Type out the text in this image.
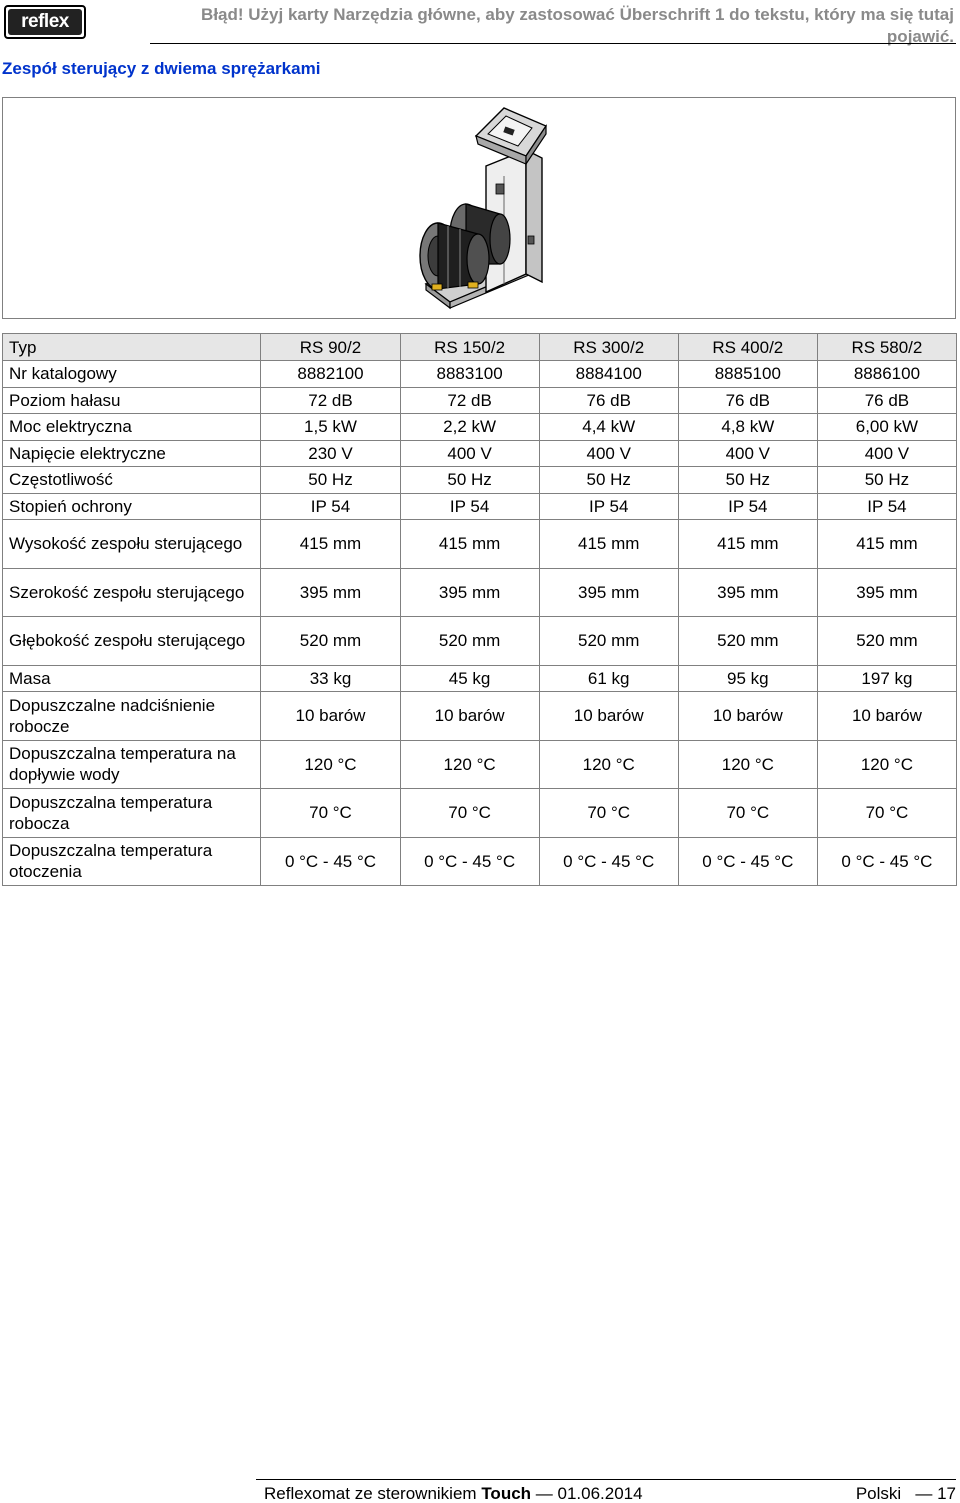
reflex	Błąd! Użyj karty Narzędzia główne, aby zastosować Überschrift 1 do tekstu, który ma się tutaj pojawić.
Zespół sterujący z dwiema sprężarkami
Typ	RS 90/2	RS 150/2	RS 300/2	RS 400/2	RS 580/2
Nr katalogowy	8882100	8883100	8884100	8885100	8886100
Poziom hałasu	72 dB	72 dB	76 dB	76 dB	76 dB
Moc elektryczna	1,5 kW	2,2 kW	4,4 kW	4,8 kW	6,00 kW
Napięcie elektryczne	230 V	400 V	400 V	400 V	400 V
Częstotliwość	50 Hz	50 Hz	50 Hz	50 Hz	50 Hz
Stopień ochrony	IP 54	IP 54	IP 54	IP 54	IP 54
Wysokość zespołu sterującego	415 mm	415 mm	415 mm	415 mm	415 mm
Szerokość zespołu sterującego	395 mm	395 mm	395 mm	395 mm	395 mm
Głębokość zespołu sterującego	520 mm	520 mm	520 mm	520 mm	520 mm
Masa	33 kg	45 kg	61 kg	95 kg	197 kg
Dopuszczalne nadciśnienie robocze	10 barów	10 barów	10 barów	10 barów	10 barów
Dopuszczalna temperatura na dopływie wody	120 °C	120 °C	120 °C	120 °C	120 °C
Dopuszczalna temperatura robocza	70 °C	70 °C	70 °C	70 °C	70 °C
Dopuszczalna temperatura otoczenia	0 °C - 45 °C	0 °C - 45 °C	0 °C - 45 °C	0 °C - 45 °C	0 °C - 45 °C
Reflexomat ze sterownikiem Touch — 01.06.2014	Polski — 17
